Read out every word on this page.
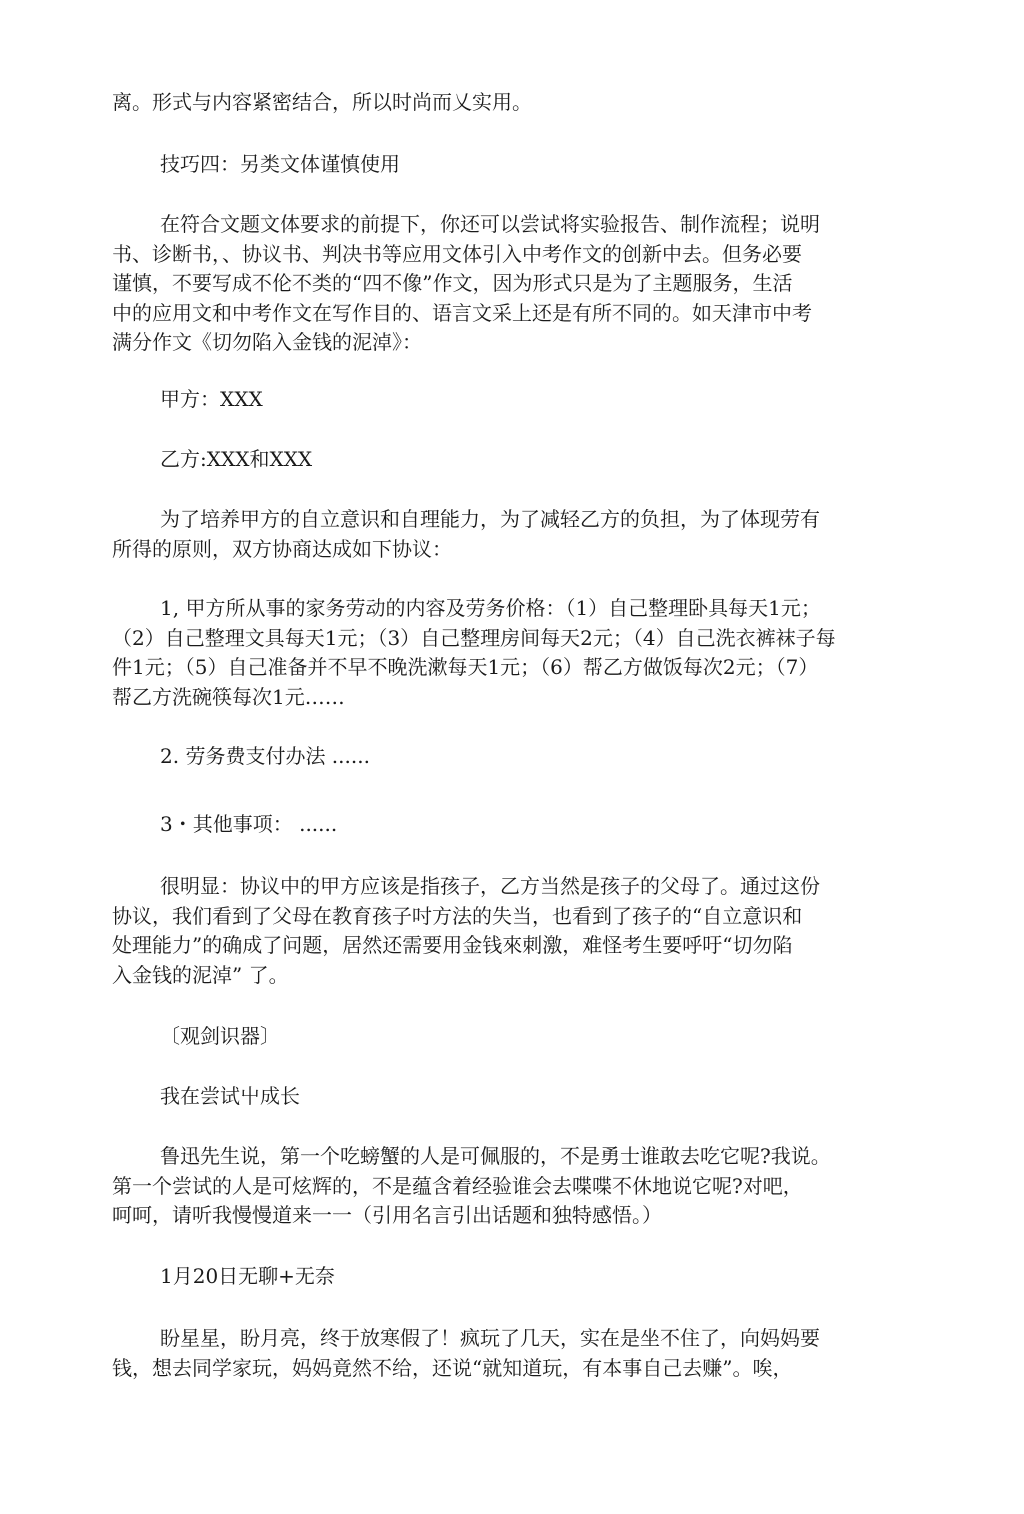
离。形式与内容紧密结合，所以时尚而乂实用。

技巧四：另类文体谨慎使用

在符合文题文体要求的前提下，你还可以尝试将实验报告、制作流程；说明
书、诊断书，、协议书、判决书等应用文体引入中考作文的创新中去。但务必要
谨慎，不要写成不伦不类的“四不像”作文，因为形式只是为了主题服务，生活
中的应用文和中考作文在写作目的、语言文采上还是有所不同的。如天津市中考
满分作文《切勿陷入金钱的泥淖》：

甲方：XXX

乙方:XXX和XXX

为了培养甲方的自立意识和自理能力，为了减轻乙方的负担，为了体现劳有
所得的原则，双方协商达成如下协议：

1, 甲方所从事的家务劳动的内容及劳务价格：（1）自己整理卧具每天1元；
（2）自己整理文具每天1元；（3）自己整理房间每天2元；（4）自己洗衣裤袜子每
件1元；（5）自己准备并不早不晚洗漱每天1元；（6）帮乙方做饭每次2元；（7）
帮乙方洗碗筷每次1元……

2. 劳务费支付办法 ......

3・其他事项： ......

很明显：协议中的甲方应该是指孩子，乙方当然是孩子的父母了。通过这份
协议，我们看到了父母在教育孩子吋方法的失当，也看到了孩子的“自立意识和
处理能力”的确成了问题，居然还需要用金钱來刺激，难怪考生要呼吁“切勿陷
入金钱的泥淖” 了。

〔观剑识器〕

我在尝试屮成长

鲁迅先生说，第一个吃螃蟹的人是可佩服的，不是勇士谁敢去吃它呢?我说。
第一个尝试的人是可炫辉的，不是蕴含着经验谁会去喋喋不休地说它呢?对吧，
呵呵，请听我慢慢道来一一（引用名言引出话题和独特感悟。）

1月20日无聊+无奈

盼星星，盼月亮，终于放寒假了！疯玩了几天，实在是坐不住了，向妈妈要
钱，想去同学家玩，妈妈竟然不给，还说“就知道玩，有本事自己去赚”。唉，
